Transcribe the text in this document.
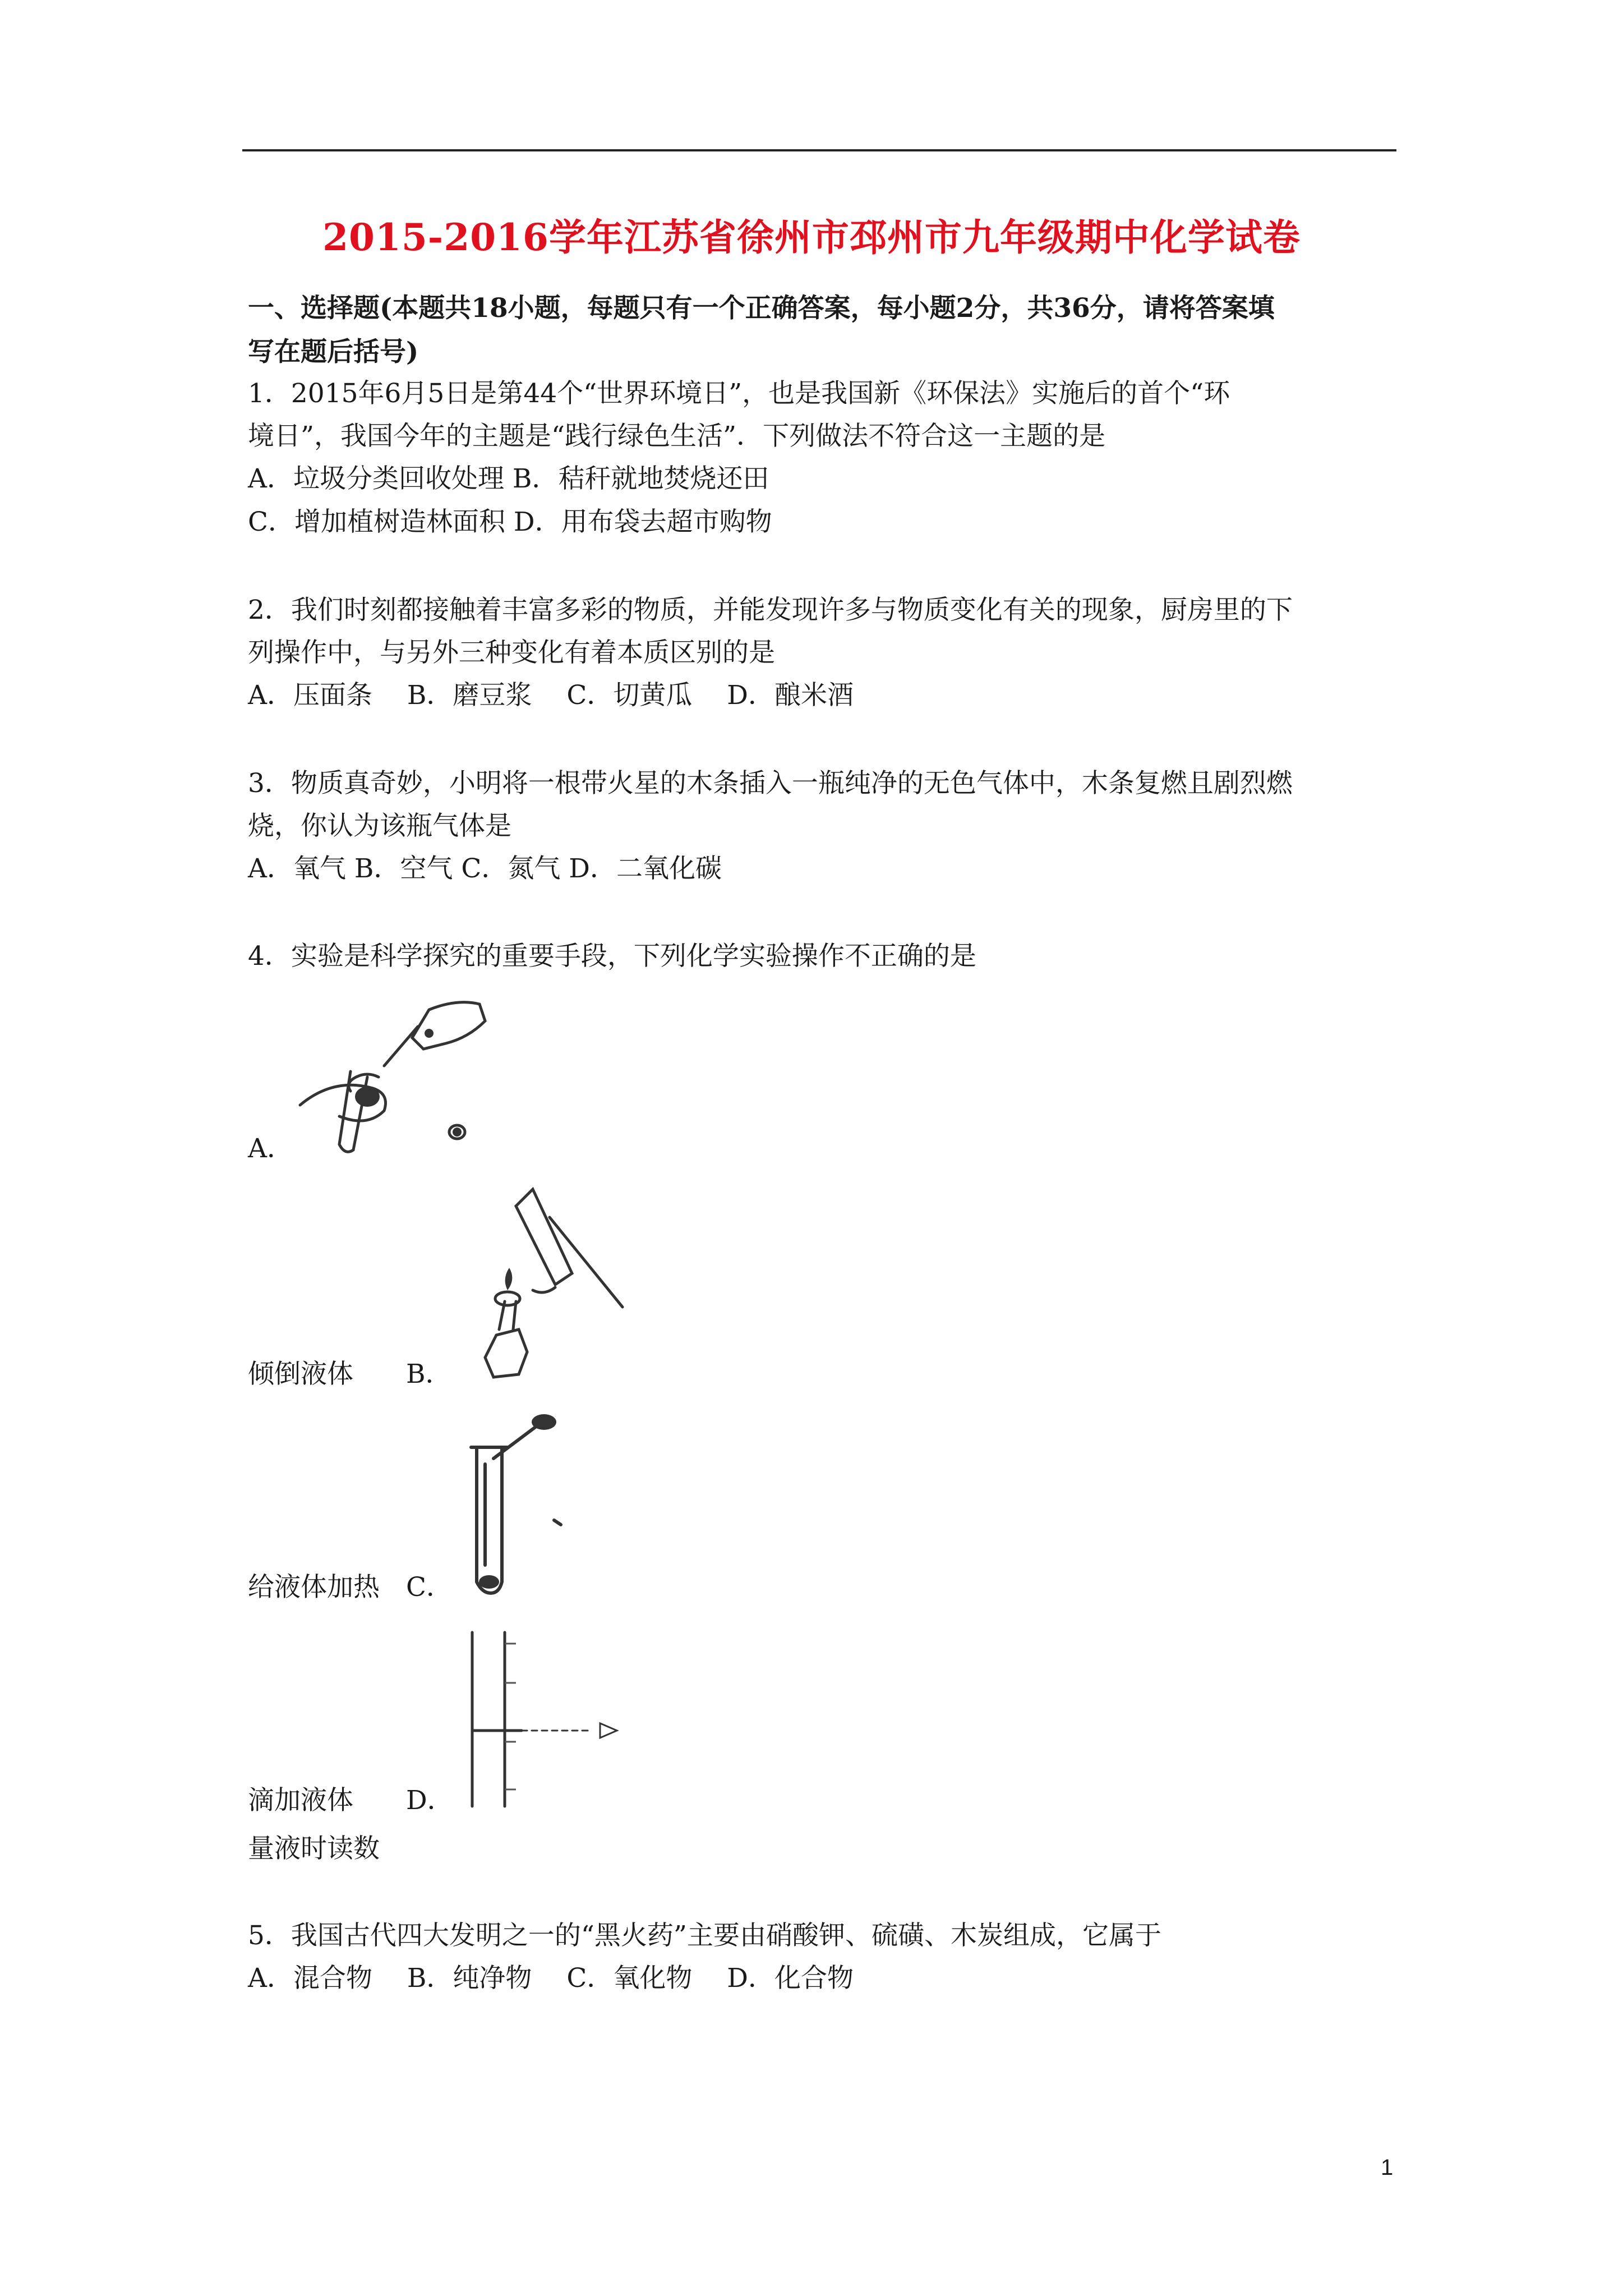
2015-2016学年江苏省徐州市邳州市九年级期中化学试卷
一、选择题(本题共18小题，每题只有一个正确答案，每小题2分，共36分，请将答案填
写在题后括号)
1．2015年6月5日是第44个“世界环境日”，也是我国新《环保法》实施后的首个“环
境日”，我国今年的主题是“践行绿色生活”．下列做法不符合这一主题的是
A．垃圾分类回收处理 B．秸秆就地焚烧还田
C．增加植树造林面积 D．用布袋去超市购物
2．我们时刻都接触着丰富多彩的物质，并能发现许多与物质变化有关的现象，厨房里的下
列操作中，与另外三种变化有着本质区别的是
A．压面条　 B．磨豆浆　 C．切黄瓜　 D．酿米酒
3．物质真奇妙，小明将一根带火星的木条插入一瓶纯净的无色气体中，木条复燃且剧烈燃
烧，你认为该瓶气体是
A．氧气 B．空气 C．氮气 D．二氧化碳
4．实验是科学探究的重要手段，下列化学实验操作不正确的是
A．
倾倒液体　　B．
给液体加热　C．
滴加液体　　D．
量液时读数
5．我国古代四大发明之一的“黑火药”主要由硝酸钾、硫磺、木炭组成，它属于
A．混合物　 B．纯净物　 C．氧化物　 D．化合物
1
